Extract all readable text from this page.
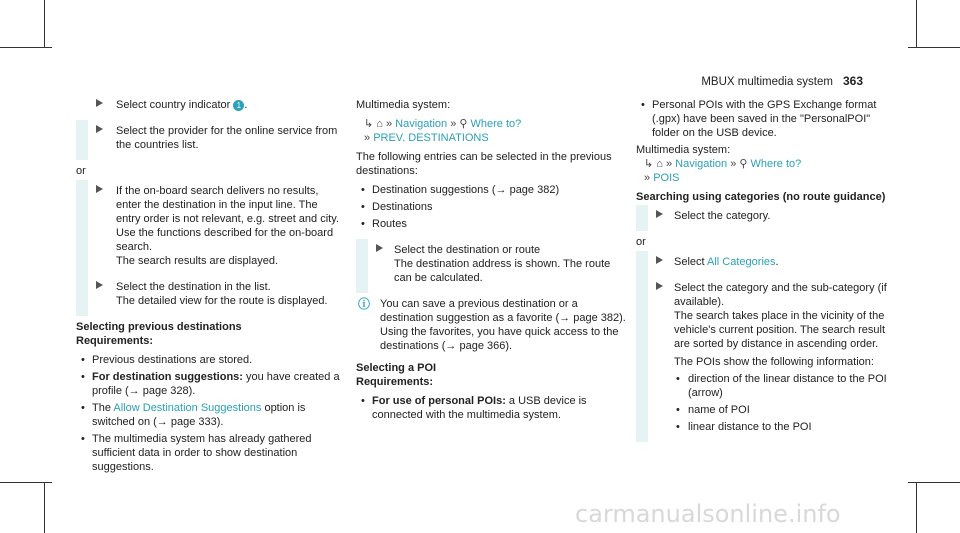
MBUX multimedia system 363
Select country indicator 1 .
Select the provider for the online service from the countries list.
or
If the on-board search delivers no results, enter the destination in the input line. The entry order is not relevant, e.g. street and city. Use the functions described for the on-board search.
The search results are displayed.
Select the destination in the list.
The detailed view for the route is displayed.
Selecting previous destinations
Requirements:
• Previous destinations are stored.
• For destination suggestions: you have created a profile (→ page 328).
• The Allow Destination Suggestions option is switched on (→ page 333).
• The multimedia system has already gathered sufficient data in order to show destination suggestions.
Multimedia system:
↳ ⌂ » Navigation » ⚲ Where to?
» PREV. DESTINATIONS
The following entries can be selected in the previous destinations:
• Destination suggestions (→ page 382)
• Destinations
• Routes
Select the destination or route
The destination address is shown. The route can be calculated.
ⓘ You can save a previous destination or a destination suggestion as a favorite (→ page 382).
Using the favorites, you have quick access to the destinations (→ page 366).
Selecting a POI
Requirements:
• For use of personal POIs: a USB device is connected with the multimedia system.
• Personal POIs with the GPS Exchange format (.gpx) have been saved in the "PersonalPOI" folder on the USB device.
Multimedia system:
↳ ⌂ » Navigation » ⚲ Where to?
» POIS
Searching using categories (no route guidance)
Select the category.
or
Select All Categories.
Select the category and the sub-category (if available).
The search takes place in the vicinity of the vehicle's current position. The search result are sorted by distance in ascending order.
The POIs show the following information:
• direction of the linear distance to the POI (arrow)
• name of POI
• linear distance to the POI
carmanualsonline.info
